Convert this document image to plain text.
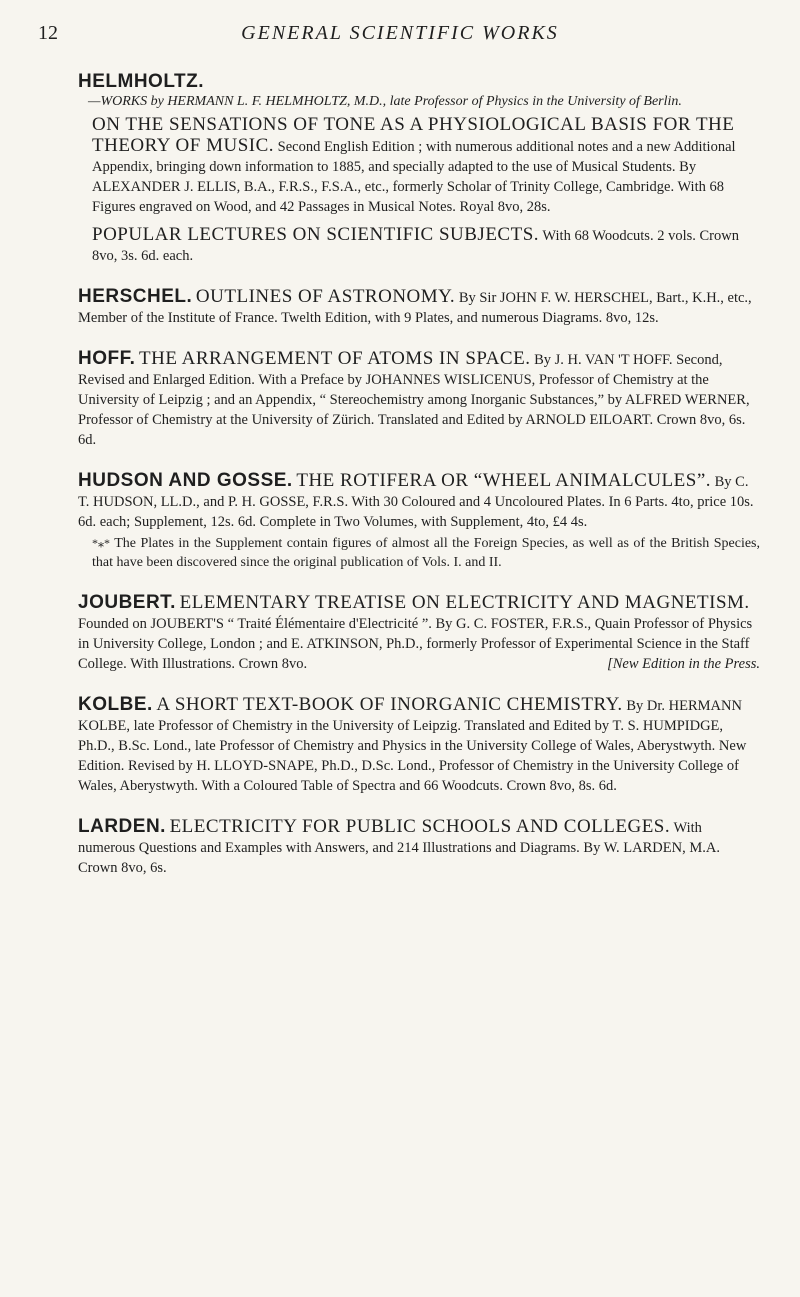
12	GENERAL SCIENTIFIC WORKS
HELMHOLTZ.
—WORKS by HERMANN L. F. HELMHOLTZ, M.D., late Professor of Physics in the University of Berlin.
ON THE SENSATIONS OF TONE AS A PHYSIOLOGICAL BASIS FOR THE THEORY OF MUSIC. Second English Edition ; with numerous additional notes and a new Additional Appendix, bringing down information to 1885, and specially adapted to the use of Musical Students. By ALEXANDER J. ELLIS, B.A., F.R.S., F.S.A., etc., formerly Scholar of Trinity College, Cambridge. With 68 Figures engraved on Wood, and 42 Passages in Musical Notes. Royal 8vo, 28s.
POPULAR LECTURES ON SCIENTIFIC SUBJECTS. With 68 Woodcuts. 2 vols. Crown 8vo, 3s. 6d. each.
HERSCHEL. OUTLINES OF ASTRONOMY. By Sir JOHN F. W. HERSCHEL, Bart., K.H., etc., Member of the Institute of France. Twelth Edition, with 9 Plates, and numerous Diagrams. 8vo, 12s.
HOFF. THE ARRANGEMENT OF ATOMS IN SPACE. By J. H. VAN 'T HOFF. Second, Revised and Enlarged Edition. With a Preface by JOHANNES WISLICENUS, Professor of Chemistry at the University of Leipzig ; and an Appendix, “ Stereochemistry among Inorganic Substances,” by ALFRED WERNER, Professor of Chemistry at the University of Zürich. Translated and Edited by ARNOLD EILOART. Crown 8vo, 6s. 6d.
HUDSON AND GOSSE. THE ROTIFERA OR “WHEEL ANIMALCULES”. By C. T. HUDSON, LL.D., and P. H. GOSSE, F.R.S. With 30 Coloured and 4 Uncoloured Plates. In 6 Parts. 4to, price 10s. 6d. each; Supplement, 12s. 6d. Complete in Two Volumes, with Supplement, 4to, £4 4s.
*⁎* The Plates in the Supplement contain figures of almost all the Foreign Species, as well as of the British Species, that have been discovered since the original publication of Vols. I. and II.
JOUBERT. ELEMENTARY TREATISE ON ELECTRICITY AND MAGNETISM. Founded on JOUBERT'S “ Traité Élémentaire d'Electricité ”. By G. C. FOSTER, F.R.S., Quain Professor of Physics in University College, London ; and E. ATKINSON, Ph.D., formerly Professor of Experimental Science in the Staff College. With Illustrations. Crown 8vo.	[New Edition in the Press.
KOLBE. A SHORT TEXT-BOOK OF INORGANIC CHEMISTRY. By Dr. HERMANN KOLBE, late Professor of Chemistry in the University of Leipzig. Translated and Edited by T. S. HUMPIDGE, Ph.D., B.Sc. Lond., late Professor of Chemistry and Physics in the University College of Wales, Aberystwyth. New Edition. Revised by H. LLOYD-SNAPE, Ph.D., D.Sc. Lond., Professor of Chemistry in the University College of Wales, Aberystwyth. With a Coloured Table of Spectra and 66 Woodcuts. Crown 8vo, 8s. 6d.
LARDEN. ELECTRICITY FOR PUBLIC SCHOOLS AND COLLEGES. With numerous Questions and Examples with Answers, and 214 Illustrations and Diagrams. By W. LARDEN, M.A. Crown 8vo, 6s.
